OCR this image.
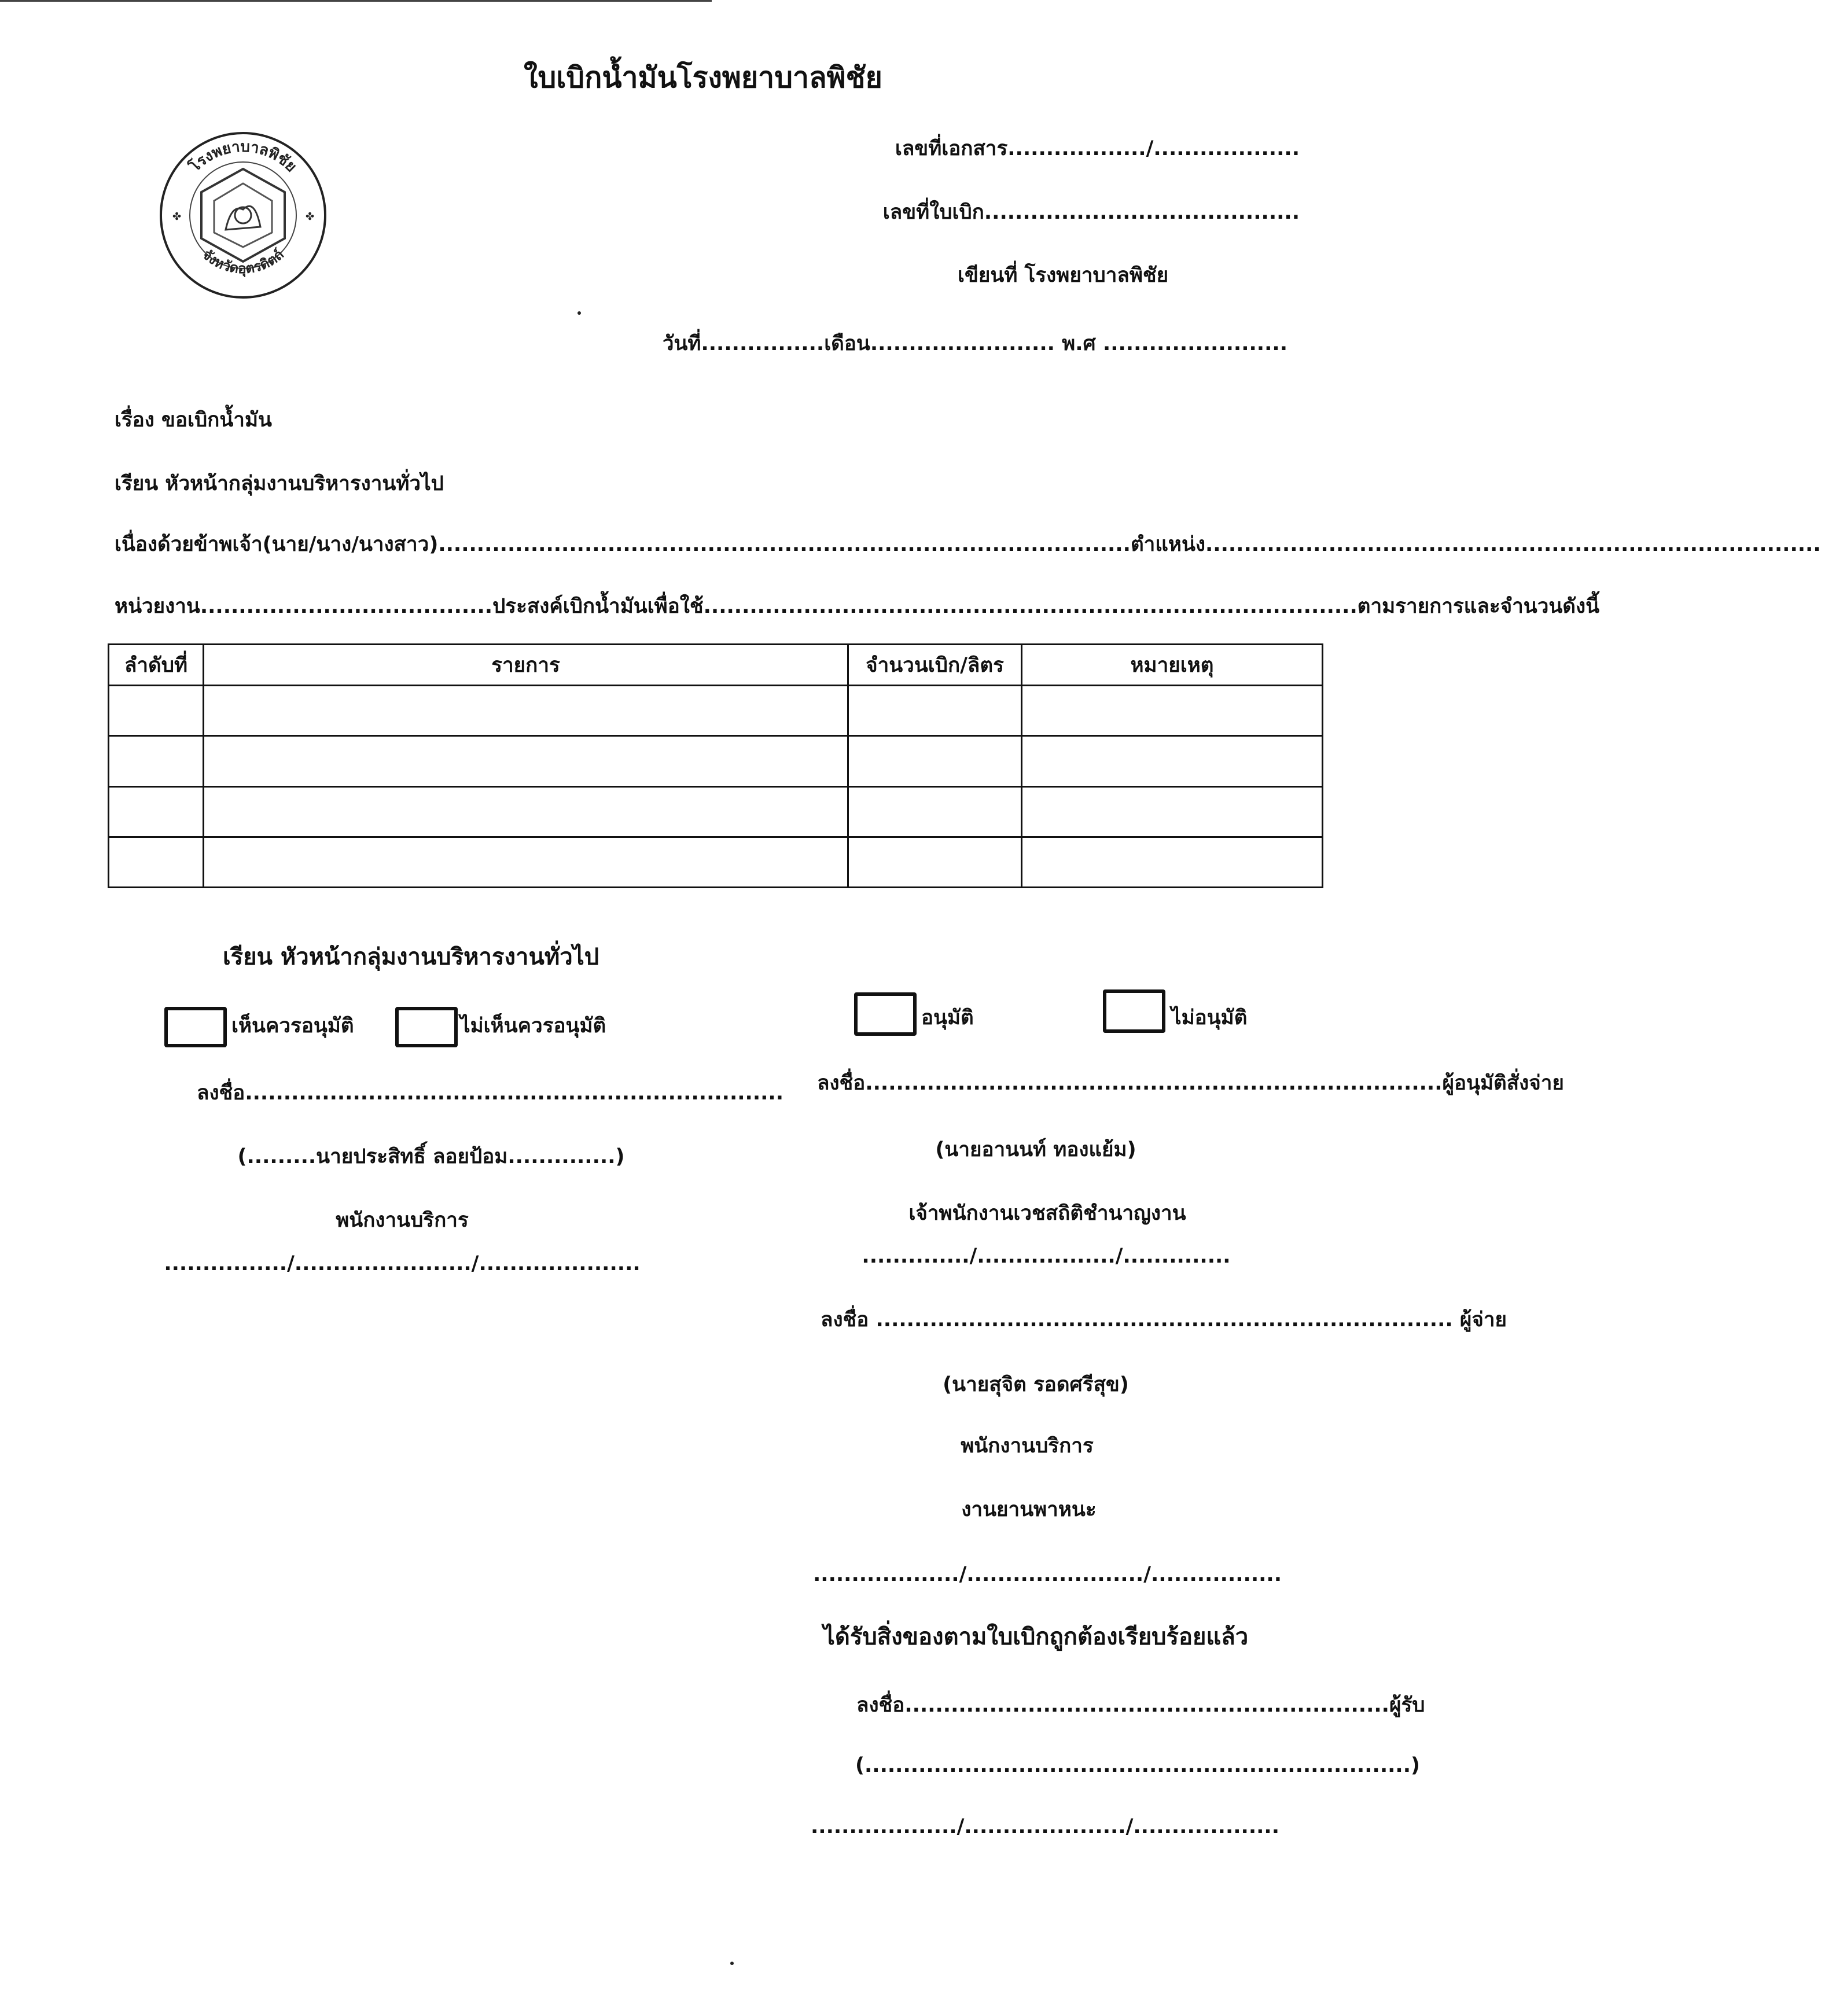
ใบเบิกน้ำมันโรงพยาบาลพิชัย
โรงพยาบาลพิชัย
จังหวัดอุตรดิตถ์
✤	✤
เลขที่เอกสาร................../...................
เลขที่ใบเบิก.........................................
เขียนที่ โรงพยาบาลพิชัย
วันที่................เดือน........................ พ.ศ ........................
เรื่อง ขอเบิกน้ำมัน
เรียน หัวหน้ากลุ่มงานบริหารงานทั่วไป
เนื่องด้วยข้าพเจ้า(นาย/นาง/นางสาว)..........................................................................................ตำแหน่ง................................................................................
หน่วยงาน......................................ประสงค์เบิกน้ำมันเพื่อใช้.....................................................................................ตามรายการและจำนวนดังนี้
ลำดับที่	รายการ	จำนวนเบิก/ลิตร	หมายเหตุ

เรียน หัวหน้ากลุ่มงานบริหารงานทั่วไป
เห็นควรอนุมัติ	ไม่เห็นควรอนุมัติ
ลงชื่อ......................................................................
(.........นายประสิทธิ์ ลอยป้อม..............)
พนักงานบริการ
................/......................./.....................
อนุมัติ	ไม่อนุมัติ
ลงชื่อ...........................................................................ผู้อนุมัติสั่งจ่าย
(นายอานนท์ ทองแย้ม)
เจ้าพนักงานเวชสถิติชำนาญงาน
............../................../..............
ลงชื่อ ........................................................................... ผู้จ่าย
(นายสุจิต รอดศรีสุข)
พนักงานบริการ
งานยานพาหนะ
.................../......................./.................
ได้รับสิ่งของตามใบเบิกถูกต้องเรียบร้อยแล้ว
ลงชื่อ...............................................................ผู้รับ
(.......................................................................)
.................../...................../...................
